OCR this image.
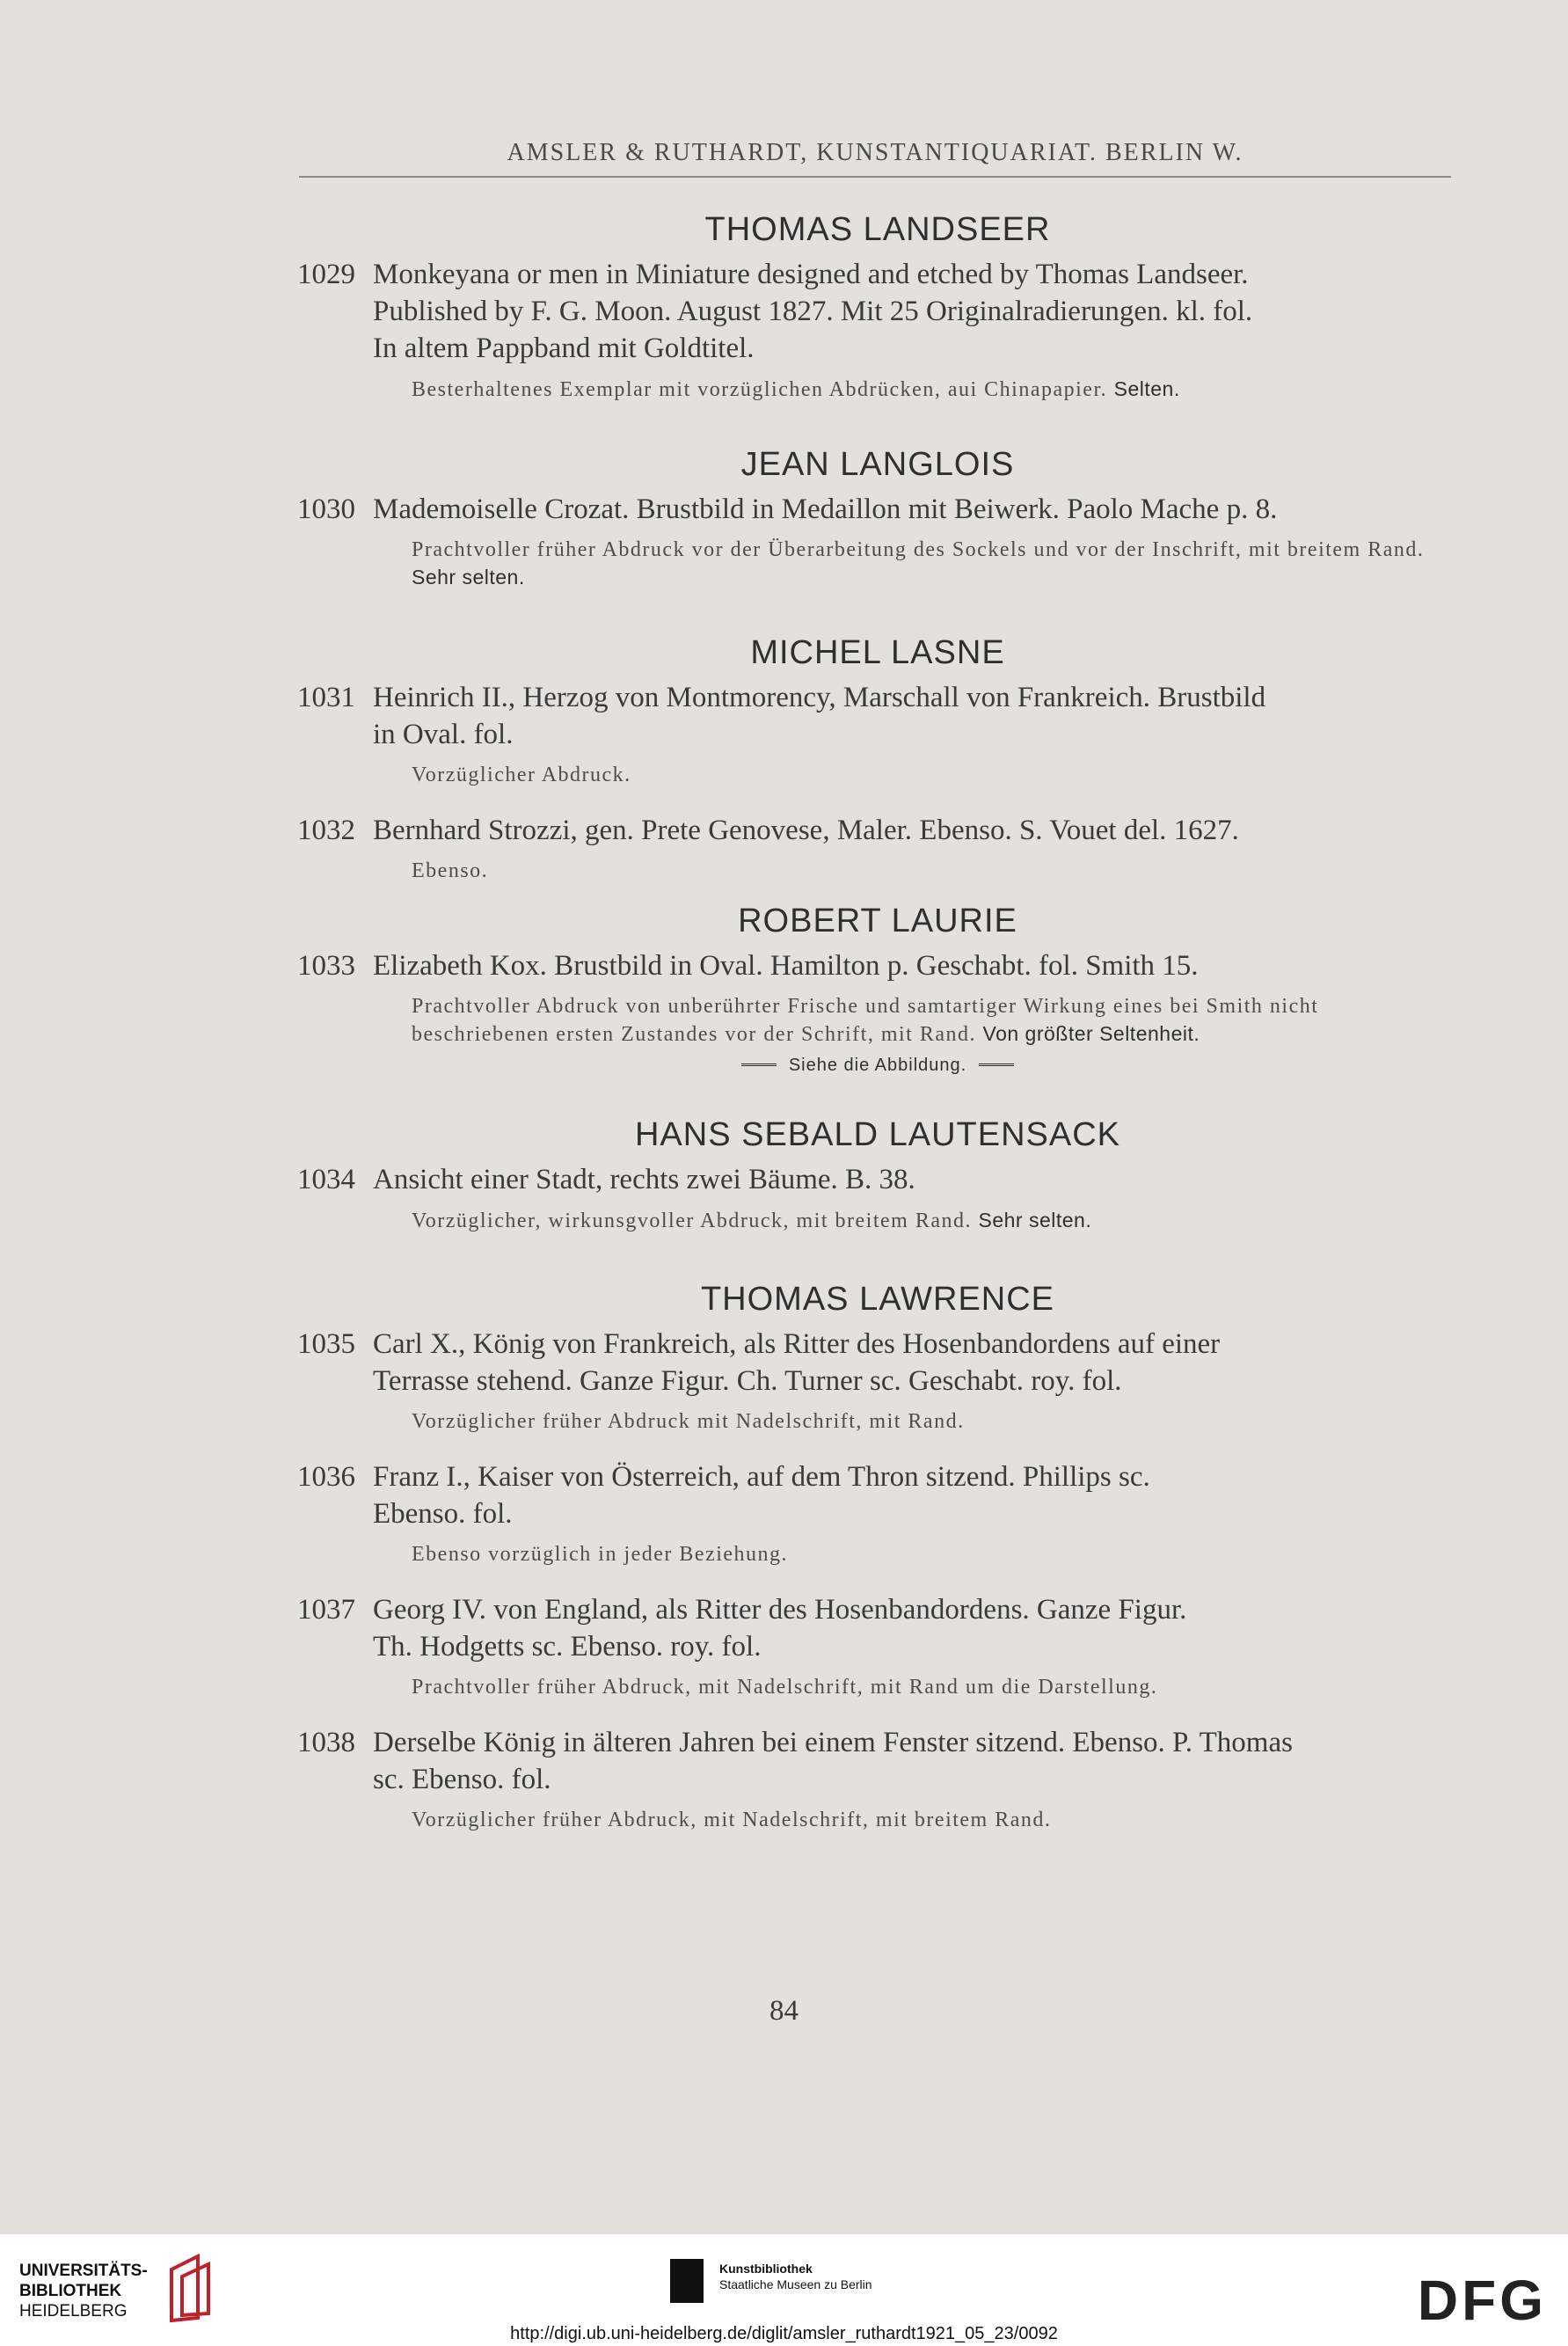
AMSLER & RUTHARDT, KUNSTANTIQUARIAT. BERLIN W.
THOMAS LANDSEER
1029 Monkeyana or men in Miniature designed and etched by Thomas Landseer.
Published by F. G. Moon. August 1827. Mit 25 Originalradierungen. kl. fol.
In altem Pappband mit Goldtitel.
Besterhaltenes Exemplar mit vorzüglichen Abdrücken, aui Chinapapier. Selten.
JEAN LANGLOIS
1030 Mademoiselle Crozat. Brustbild in Medaillon mit Beiwerk. Paolo Mache p. 8.
Prachtvoller früher Abdruck vor der Überarbeitung des Sockels und vor der Inschrift, mit breitem Rand. Sehr selten.
MICHEL LASNE
1031 Heinrich II., Herzog von Montmorency, Marschall von Frankreich. Brustbild
in Oval. fol.
Vorzüglicher Abdruck.
1032 Bernhard Strozzi, gen. Prete Genovese, Maler. Ebenso. S. Vouet del. 1627.
Ebenso.
ROBERT LAURIE
1033 Elizabeth Kox. Brustbild in Oval. Hamilton p. Geschabt. fol. Smith 15.
Prachtvoller Abdruck von unberührter Frische und samtartiger Wirkung eines bei Smith nicht beschriebenen ersten Zustandes vor der Schrift, mit Rand. Von größter Seltenheit.
Siehe die Abbildung.
HANS SEBALD LAUTENSACK
1034 Ansicht einer Stadt, rechts zwei Bäume. B. 38.
Vorzüglicher, wirkunsgvoller Abdruck, mit breitem Rand. Sehr selten.
THOMAS LAWRENCE
1035 Carl X., König von Frankreich, als Ritter des Hosenbandordens auf einer
Terrasse stehend. Ganze Figur. Ch. Turner sc. Geschabt. roy. fol.
Vorzüglicher früher Abdruck mit Nadelschrift, mit Rand.
1036 Franz I., Kaiser von Österreich, auf dem Thron sitzend. Phillips sc.
Ebenso. fol.
Ebenso vorzüglich in jeder Beziehung.
1037 Georg IV. von England, als Ritter des Hosenbandordens. Ganze Figur.
Th. Hodgetts sc. Ebenso. roy. fol.
Prachtvoller früher Abdruck, mit Nadelschrift, mit Rand um die Darstellung.
1038 Derselbe König in älteren Jahren bei einem Fenster sitzend. Ebenso. P. Thomas
sc. Ebenso. fol.
Vorzüglicher früher Abdruck, mit Nadelschrift, mit breitem Rand.
84
UNIVERSITÄTS-
BIBLIOTHEK
HEIDELBERG
Kunstbibliothek
Staatliche Museen zu Berlin	DFG
http://digi.ub.uni-heidelberg.de/diglit/amsler_ruthardt1921_05_23/0092
